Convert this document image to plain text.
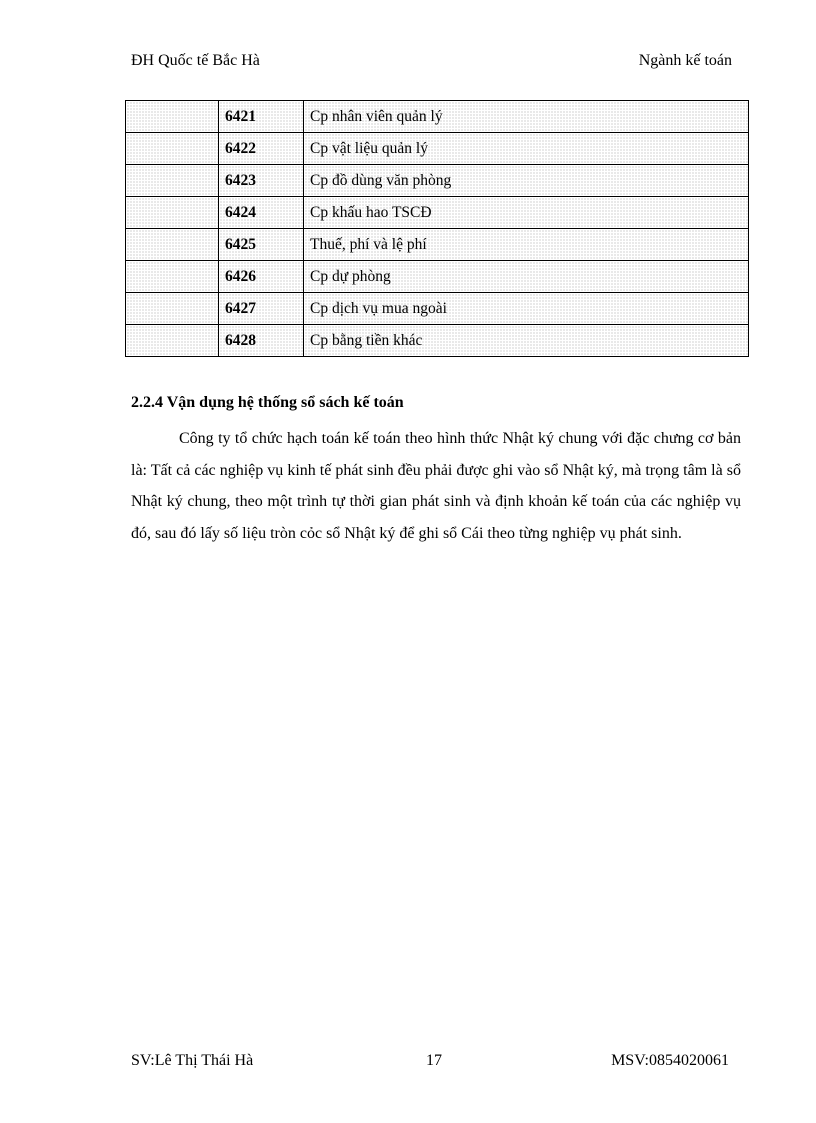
ĐH Quốc tế Bắc Hà	Ngành kế toán
	6421	Cp nhân viên quản lý
	6422	Cp vật liệu quản lý
	6423	Cp đồ dùng văn phòng
	6424	Cp khấu hao TSCĐ
	6425	Thuế, phí và lệ phí
	6426	Cp dự phòng
	6427	Cp dịch vụ mua ngoài
	6428	Cp bằng tiền khác
2.2.4 Vận dụng hệ thống sổ sách kế toán

Công ty tổ chức hạch toán kế toán theo hình thức Nhật ký chung với đặc chưng cơ bản là: Tất cả các nghiệp vụ kinh tế phát sinh đều phải được ghi vào sổ Nhật ký, mà trọng tâm là sổ Nhật ký chung, theo một trình tự thời gian phát sinh và định khoản kế toán của các nghiệp vụ đó, sau đó lấy số liệu tròn cỏc sổ Nhật ký để ghi sổ Cái theo từng nghiệp vụ phát sinh.

SV:Lê Thị Thái Hà	17	MSV:0854020061
